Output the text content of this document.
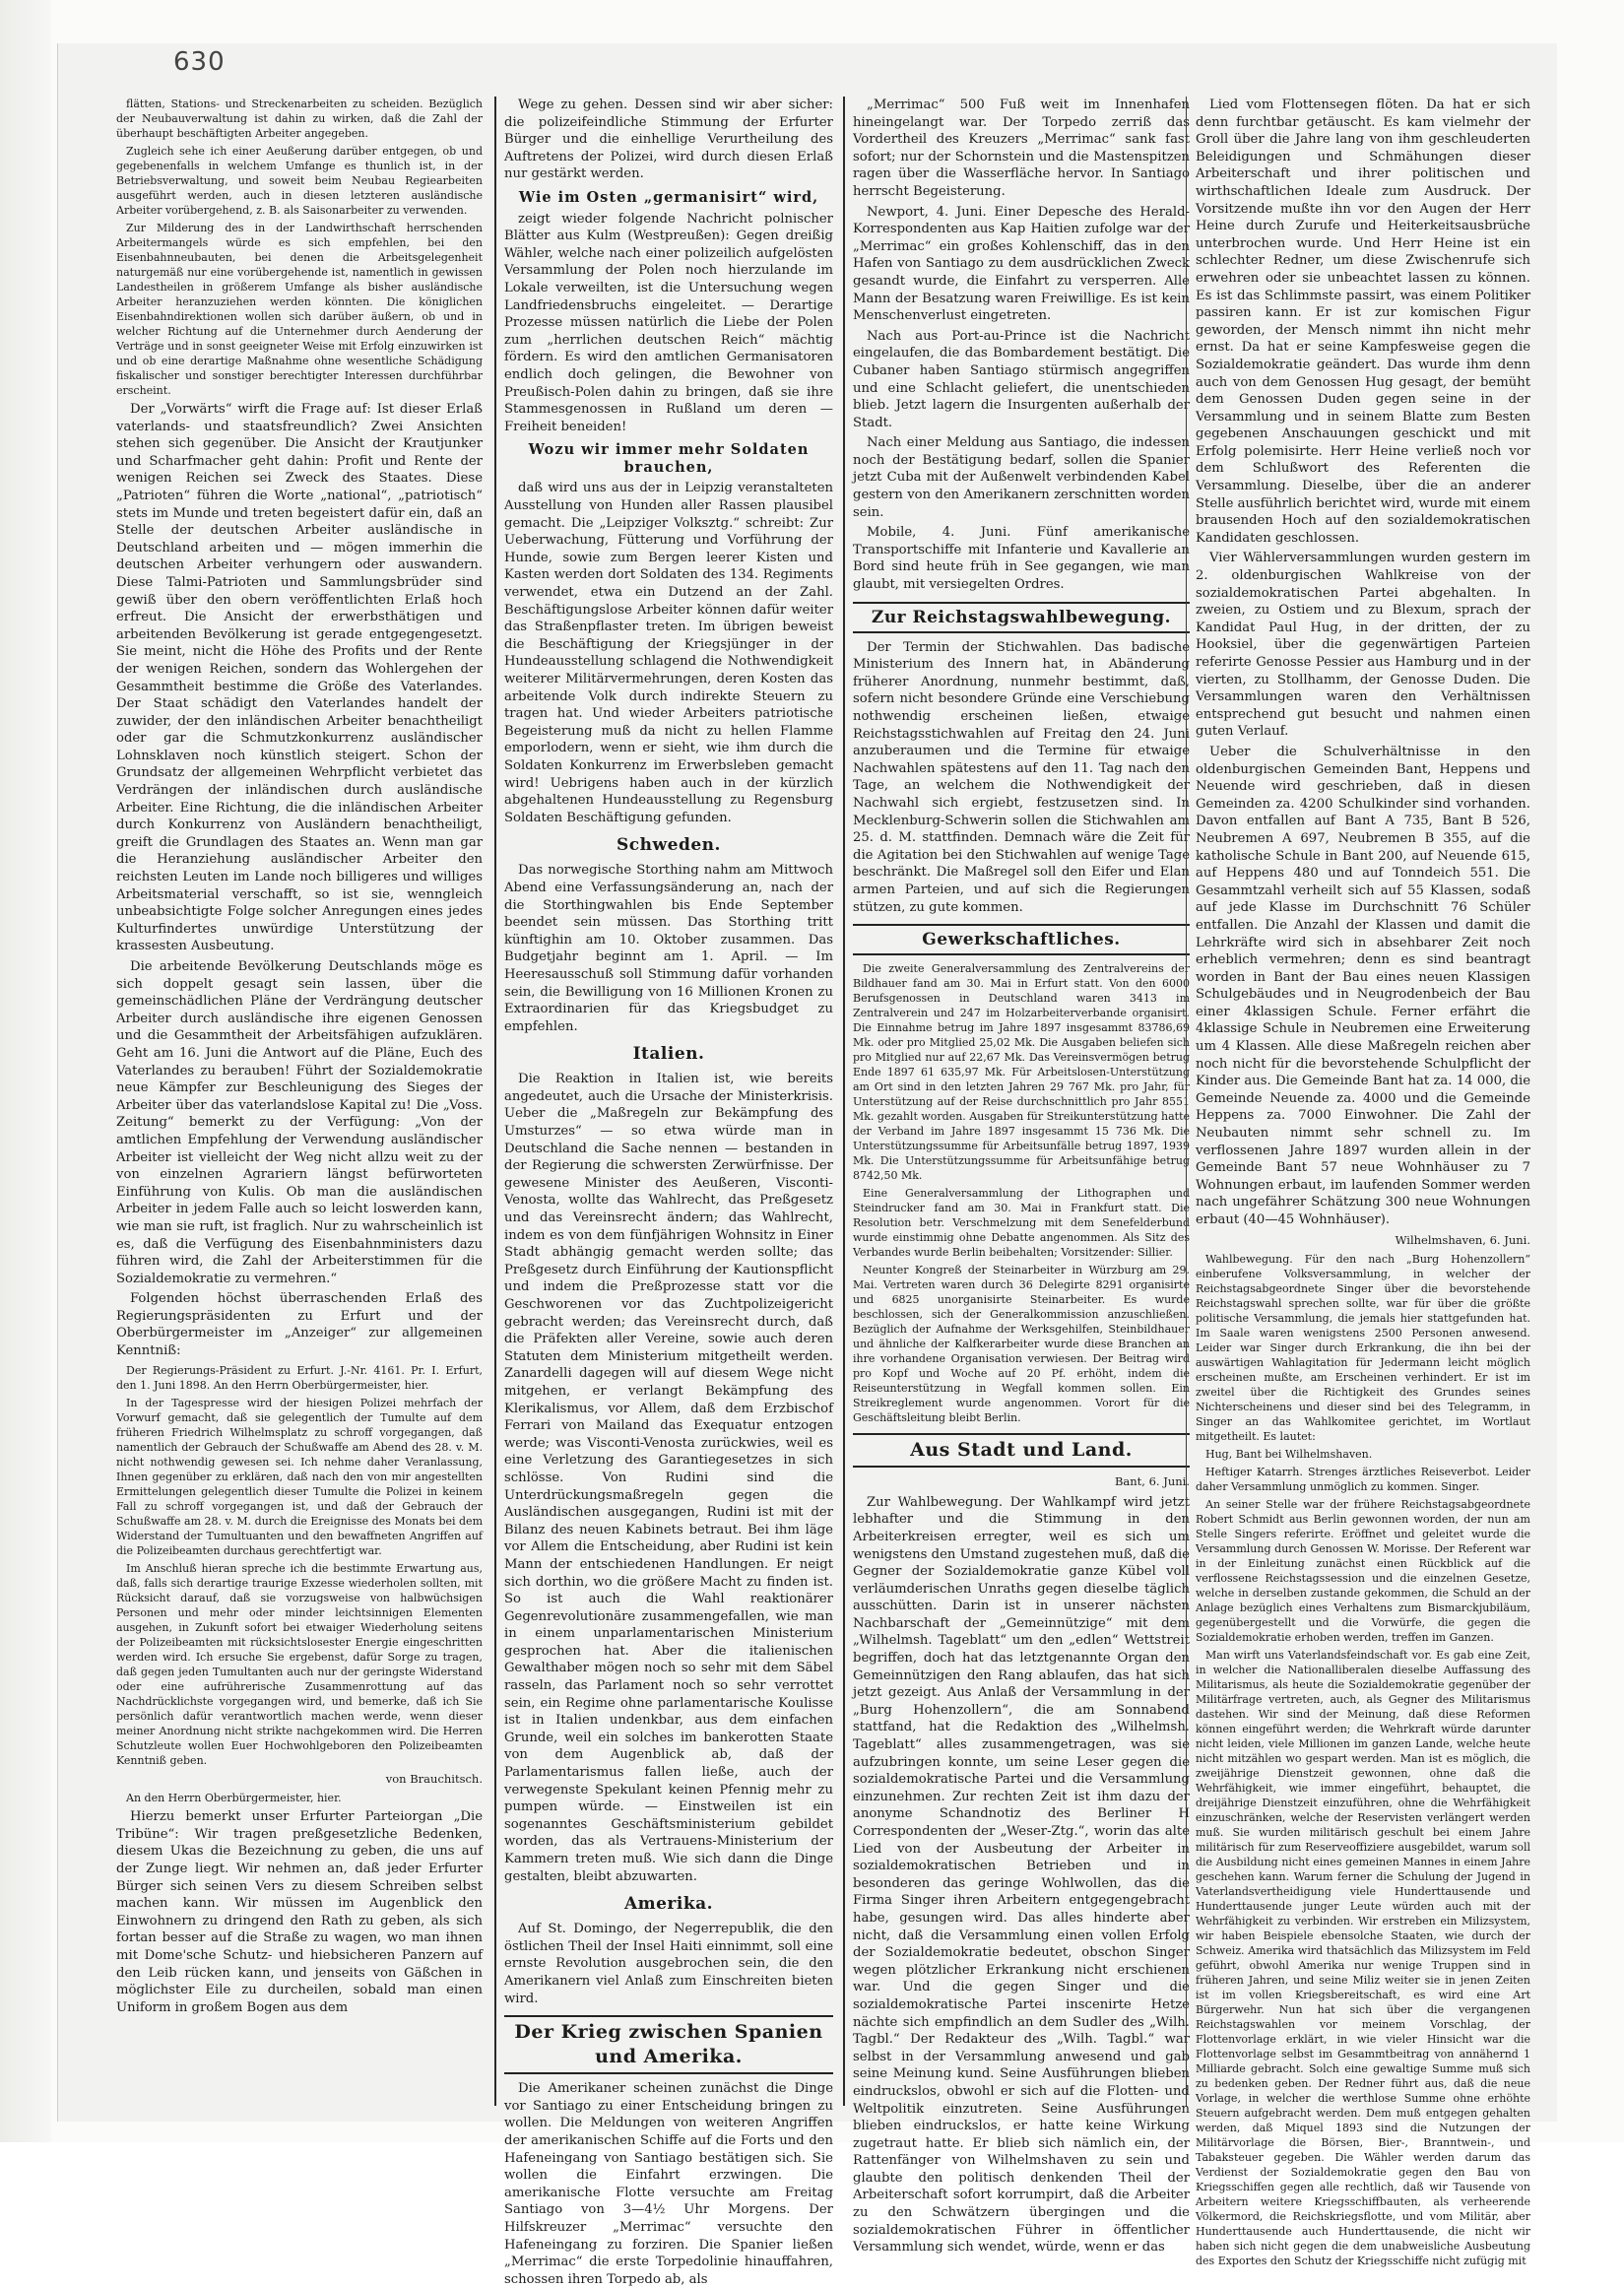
630

flätten, Stations- und Streckenarbeiten zu scheiden. Bezüglich der Neubauverwaltung ist dahin zu wirken, daß die Zahl der überhaupt beschäftigten Arbeiter angegeben.

Zugleich sehe ich einer Aeußerung darüber entgegen, ob und gegebenenfalls in welchem Umfange es thunlich ist, in der Betriebsverwaltung, und soweit beim Neubau Regiearbeiten ausgeführt werden, auch in diesen letzteren ausländische Arbeiter vorübergehend, z. B. als Saisonarbeiter zu verwenden.

Zur Milderung des in der Landwirthschaft herrschenden Arbeitermangels würde es sich empfehlen, bei den Eisenbahnneubauten, bei denen die Arbeitsgelegenheit naturgemäß nur eine vorübergehende ist, namentlich in gewissen Landestheilen in größerem Umfange als bisher ausländische Arbeiter heranzuziehen werden könnten. Die königlichen Eisenbahndirektionen wollen sich darüber äußern, ob und in welcher Richtung auf die Unternehmer durch Aenderung der Verträge und in sonst geeigneter Weise mit Erfolg einzuwirken ist und ob eine derartige Maßnahme ohne wesentliche Schädigung fiskalischer und sonstiger berechtigter Interessen durchführbar erscheint.

Der „Vorwärts“ wirft die Frage auf: Ist dieser Erlaß vaterlands- und staatsfreundlich? Zwei Ansichten stehen sich gegenüber. Die Ansicht der Krautjunker und Scharfmacher geht dahin: Profit und Rente der wenigen Reichen sei Zweck des Staates. Diese „Patrioten“ führen die Worte „national“, „patriotisch“ stets im Munde und treten begeistert dafür ein, daß an Stelle der deutschen Arbeiter ausländische in Deutschland arbeiten und — mögen immerhin die deutschen Arbeiter verhungern oder auswandern. Diese Talmi-Patrioten und Sammlungsbrüder sind gewiß über den obern veröffentlichten Erlaß hoch erfreut. Die Ansicht der erwerbsthätigen und arbeitenden Bevölkerung ist gerade entgegengesetzt. Sie meint, nicht die Höhe des Profits und der Rente der wenigen Reichen, sondern das Wohlergehen der Gesammtheit bestimme die Größe des Vaterlandes. Der Staat schädigt den Vaterlandes handelt der zuwider, der den inländischen Arbeiter benachtheiligt oder gar die Schmutzkonkurrenz ausländischer Lohnsklaven noch künstlich steigert. Schon der Grundsatz der allgemeinen Wehrpflicht verbietet das Verdrängen der inländischen durch ausländische Arbeiter. Eine Richtung, die die inländischen Arbeiter durch Konkurrenz von Ausländern benachtheiligt, greift die Grundlagen des Staates an. Wenn man gar die Heranziehung ausländischer Arbeiter den reichsten Leuten im Lande noch billigeres und williges Arbeitsmaterial verschafft, so ist sie, wenngleich unbeabsichtigte Folge solcher Anregungen eines jedes Kulturfindertes unwürdige Unterstützung der krassesten Ausbeutung.

Die arbeitende Bevölkerung Deutschlands möge es sich doppelt gesagt sein lassen, über die gemeinschädlichen Pläne der Verdrängung deutscher Arbeiter durch ausländische ihre eigenen Genossen und die Gesammtheit der Arbeitsfähigen aufzuklären. Geht am 16. Juni die Antwort auf die Pläne, Euch des Vaterlandes zu berauben! Führt der Sozialdemokratie neue Kämpfer zur Beschleunigung des Sieges der Arbeiter über das vaterlandslose Kapital zu! Die „Voss. Zeitung“ bemerkt zu der Verfügung: „Von der amtlichen Empfehlung der Verwendung ausländischer Arbeiter ist vielleicht der Weg nicht allzu weit zu der von einzelnen Agrariern längst befürworteten Einführung von Kulis. Ob man die ausländischen Arbeiter in jedem Falle auch so leicht loswerden kann, wie man sie ruft, ist fraglich. Nur zu wahrscheinlich ist es, daß die Verfügung des Eisenbahnministers dazu führen wird, die Zahl der Arbeiterstimmen für die Sozialdemokratie zu vermehren.“

Folgenden höchst überraschenden Erlaß des Regierungspräsidenten zu Erfurt und der Oberbürgermeister im „Anzeiger“ zur allgemeinen Kenntniß:

Der Regierungs-Präsident zu Erfurt. J.-Nr. 4161. Pr. I. Erfurt, den 1. Juni 1898. An den Herrn Oberbürgermeister, hier.

In der Tagespresse wird der hiesigen Polizei mehrfach der Vorwurf gemacht, daß sie gelegentlich der Tumulte auf dem früheren Friedrich Wilhelmsplatz zu schroff vorgegangen, daß namentlich der Gebrauch der Schußwaffe am Abend des 28. v. M. nicht nothwendig gewesen sei. Ich nehme daher Veranlassung, Ihnen gegenüber zu erklären, daß nach den von mir angestellten Ermittelungen gelegentlich dieser Tumulte die Polizei in keinem Fall zu schroff vorgegangen ist, und daß der Gebrauch der Schußwaffe am 28. v. M. durch die Ereignisse des Monats bei dem Widerstand der Tumultuanten und den bewaffneten Angriffen auf die Polizeibeamten durchaus gerechtfertigt war.

Im Anschluß hieran spreche ich die bestimmte Erwartung aus, daß, falls sich derartige traurige Exzesse wiederholen sollten, mit Rücksicht darauf, daß sie vorzugsweise von halbwüchsigen Personen und mehr oder minder leichtsinnigen Elementen ausgehen, in Zukunft sofort bei etwaiger Wiederholung seitens der Polizeibeamten mit rücksichtslosester Energie eingeschritten werden wird. Ich ersuche Sie ergebenst, dafür Sorge zu tragen, daß gegen jeden Tumultanten auch nur der geringste Widerstand oder eine aufrührerische Zusammenrottung auf das Nachdrücklichste vorgegangen wird, und bemerke, daß ich Sie persönlich dafür verantwortlich machen werde, wenn dieser meiner Anordnung nicht strikte nachgekommen wird. Die Herren Schutzleute wollen Euer Hochwohlgeboren den Polizeibeamten Kenntniß geben.

von Brauchitsch.

An den Herrn Oberbürgermeister, hier.

Hierzu bemerkt unser Erfurter Parteiorgan „Die Tribüne“: Wir tragen preßgesetzliche Bedenken, diesem Ukas die Bezeichnung zu geben, die uns auf der Zunge liegt. Wir nehmen an, daß jeder Erfurter Bürger sich seinen Vers zu diesem Schreiben selbst machen kann. Wir müssen im Augenblick den Einwohnern zu dringend den Rath zu geben, als sich fortan besser auf die Straße zu wagen, wo man ihnen mit Dome'sche Schutz- und hiebsicheren Panzern auf den Leib rücken kann, und jenseits von Gäßchen in möglichster Eile zu durcheilen, sobald man einen Uniform in großem Bogen aus dem

Wege zu gehen. Dessen sind wir aber sicher: die polizeifeindliche Stimmung der Erfurter Bürger und die einhellige Verurtheilung des Auftretens der Polizei, wird durch diesen Erlaß nur gestärkt werden.

Wie im Osten „germanisirt“ wird,

zeigt wieder folgende Nachricht polnischer Blätter aus Kulm (Westpreußen): Gegen dreißig Wähler, welche nach einer polizeilich aufgelösten Versammlung der Polen noch hierzulande im Lokale verweilten, ist die Untersuchung wegen Landfriedensbruchs eingeleitet. — Derartige Prozesse müssen natürlich die Liebe der Polen zum „herrlichen deutschen Reich“ mächtig fördern. Es wird den amtlichen Germanisatoren endlich doch gelingen, die Bewohner von Preußisch-Polen dahin zu bringen, daß sie ihre Stammesgenossen in Rußland um deren — Freiheit beneiden!

Wozu wir immer mehr Soldaten brauchen,

daß wird uns aus der in Leipzig veranstalteten Ausstellung von Hunden aller Rassen plausibel gemacht. Die „Leipziger Volksztg.“ schreibt: Zur Ueberwachung, Fütterung und Vorführung der Hunde, sowie zum Bergen leerer Kisten und Kasten werden dort Soldaten des 134. Regiments verwendet, etwa ein Dutzend an der Zahl. Beschäftigungslose Arbeiter können dafür weiter das Straßenpflaster treten. Im übrigen beweist die Beschäftigung der Kriegsjünger in der Hundeausstellung schlagend die Nothwendigkeit weiterer Militärvermehrungen, deren Kosten das arbeitende Volk durch indirekte Steuern zu tragen hat. Und wieder Arbeiters patriotische Begeisterung muß da nicht zu hellen Flamme emporlodern, wenn er sieht, wie ihm durch die Soldaten Konkurrenz im Erwerbsleben gemacht wird! Uebrigens haben auch in der kürzlich abgehaltenen Hundeausstellung zu Regensburg Soldaten Beschäftigung gefunden.

Schweden.

Das norwegische Storthing nahm am Mittwoch Abend eine Verfassungsänderung an, nach der die Storthingwahlen bis Ende September beendet sein müssen. Das Storthing tritt künftighin am 10. Oktober zusammen. Das Budgetjahr beginnt am 1. April. — Im Heeresausschuß soll Stimmung dafür vorhanden sein, die Bewilligung von 16 Millionen Kronen zu Extraordinarien für das Kriegsbudget zu empfehlen.

Italien.

Die Reaktion in Italien ist, wie bereits angedeutet, auch die Ursache der Ministerkrisis. Ueber die „Maßregeln zur Bekämpfung des Umsturzes“ — so etwa würde man in Deutschland die Sache nennen — bestanden in der Regierung die schwersten Zerwürfnisse. Der gewesene Minister des Aeußeren, Visconti-Venosta, wollte das Wahlrecht, das Preßgesetz und das Vereinsrecht ändern; das Wahlrecht, indem es von dem fünfjährigen Wohnsitz in Einer Stadt abhängig gemacht werden sollte; das Preßgesetz durch Einführung der Kautionspflicht und indem die Preßprozesse statt vor die Geschworenen vor das Zuchtpolizeigericht gebracht werden; das Vereinsrecht durch, daß die Präfekten aller Vereine, sowie auch deren Statuten dem Ministerium mitgetheilt werden. Zanardelli dagegen will auf diesem Wege nicht mitgehen, er verlangt Bekämpfung des Klerikalismus, vor Allem, daß dem Erzbischof Ferrari von Mailand das Exequatur entzogen werde; was Visconti-Venosta zurückwies, weil es eine Verletzung des Garantiegesetzes in sich schlösse. Von Rudini sind die Unterdrückungsmaßregeln gegen die Ausländischen ausgegangen, Rudini ist mit der Bilanz des neuen Kabinets betraut. Bei ihm läge vor Allem die Entscheidung, aber Rudini ist kein Mann der entschiedenen Handlungen. Er neigt sich dorthin, wo die größere Macht zu finden ist. So ist auch die Wahl reaktionärer Gegenrevolutionäre zusammengefallen, wie man in einem unparlamentarischen Ministerium gesprochen hat. Aber die italienischen Gewalthaber mögen noch so sehr mit dem Säbel rasseln, das Parlament noch so sehr verrottet sein, ein Regime ohne parlamentarische Koulisse ist in Italien undenkbar, aus dem einfachen Grunde, weil ein solches im bankerotten Staate von dem Augenblick ab, daß der Parlamentarismus fallen ließe, auch der verwegenste Spekulant keinen Pfennig mehr zu pumpen würde. — Einstweilen ist ein sogenanntes Geschäftsministerium gebildet worden, das als Vertrauens-Ministerium der Kammern treten muß. Wie sich dann die Dinge gestalten, bleibt abzuwarten.

Amerika.

Auf St. Domingo, der Negerrepublik, die den östlichen Theil der Insel Haiti einnimmt, soll eine ernste Revolution ausgebrochen sein, die den Amerikanern viel Anlaß zum Einschreiten bieten wird.

Der Krieg zwischen Spanien und Amerika.

Die Amerikaner scheinen zunächst die Dinge vor Santiago zu einer Entscheidung bringen zu wollen. Die Meldungen von weiteren Angriffen der amerikanischen Schiffe auf die Forts und den Hafeneingang von Santiago bestätigen sich. Sie wollen die Einfahrt erzwingen. Die amerikanische Flotte versuchte am Freitag Santiago von 3—4½ Uhr Morgens. Der Hilfskreuzer „Merrimac“ versuchte den Hafeneingang zu forziren. Die Spanier ließen „Merrimac“ die erste Torpedolinie hinauffahren, schossen ihren Torpedo ab, als

„Merrimac“ 500 Fuß weit im Innenhafen hineingelangt war. Der Torpedo zerriß das Vordertheil des Kreuzers „Merrimac“ sank fast sofort; nur der Schornstein und die Mastenspitzen ragen über die Wasserfläche hervor. In Santiago herrscht Begeisterung.

Newport, 4. Juni. Einer Depesche des Herald-Korrespondenten aus Kap Haitien zufolge war der „Merrimac“ ein großes Kohlenschiff, das in den Hafen von Santiago zu dem ausdrücklichen Zweck gesandt wurde, die Einfahrt zu versperren. Alle Mann der Besatzung waren Freiwillige. Es ist kein Menschenverlust eingetreten.

Nach aus Port-au-Prince ist die Nachricht eingelaufen, die das Bombardement bestätigt. Die Cubaner haben Santiago stürmisch angegriffen und eine Schlacht geliefert, die unentschieden blieb. Jetzt lagern die Insurgenten außerhalb der Stadt.

Nach einer Meldung aus Santiago, die indessen noch der Bestätigung bedarf, sollen die Spanier jetzt Cuba mit der Außenwelt verbindenden Kabel gestern von den Amerikanern zerschnitten worden sein.

Mobile, 4. Juni. Fünf amerikanische Transportschiffe mit Infanterie und Kavallerie an Bord sind heute früh in See gegangen, wie man glaubt, mit versiegelten Ordres.

Zur Reichstagswahlbewegung.

Der Termin der Stichwahlen. Das badische Ministerium des Innern hat, in Abänderung früherer Anordnung, nunmehr bestimmt, daß, sofern nicht besondere Gründe eine Verschiebung nothwendig erscheinen ließen, etwaige Reichstagsstichwahlen auf Freitag den 24. Juni anzuberaumen und die Termine für etwaige Nachwahlen spätestens auf den 11. Tag nach den Tage, an welchem die Nothwendigkeit der Nachwahl sich ergiebt, festzusetzen sind. In Mecklenburg-Schwerin sollen die Stichwahlen am 25. d. M. stattfinden. Demnach wäre die Zeit für die Agitation bei den Stichwahlen auf wenige Tage beschränkt. Die Maßregel soll den Eifer und Elan armen Parteien, und auf sich die Regierungen stützen, zu gute kommen.

Gewerkschaftliches.

Die zweite Generalversammlung des Zentralvereins der Bildhauer fand am 30. Mai in Erfurt statt. Von den 6000 Berufsgenossen in Deutschland waren 3413 im Zentralverein und 247 im Holzarbeiterverbande organisirt. Die Einnahme betrug im Jahre 1897 insgesammt 83786,69 Mk. oder pro Mitglied 25,02 Mk. Die Ausgaben beliefen sich pro Mitglied nur auf 22,67 Mk. Das Vereinsvermögen betrug Ende 1897 61 635,97 Mk. Für Arbeitslosen-Unterstützung am Ort sind in den letzten Jahren 29 767 Mk. pro Jahr, für Unterstützung auf der Reise durchschnittlich pro Jahr 8551 Mk. gezahlt worden. Ausgaben für Streikunterstützung hatte der Verband im Jahre 1897 insgesammt 15 736 Mk. Die Unterstützungssumme für Arbeitsunfälle betrug 1897, 1939 Mk. Die Unterstützungssumme für Arbeitsunfähige betrug 8742,50 Mk.

Eine Generalversammlung der Lithographen und Steindrucker fand am 30. Mai in Frankfurt statt. Die Resolution betr. Verschmelzung mit dem Senefelderbund wurde einstimmig ohne Debatte angenommen. Als Sitz des Verbandes wurde Berlin beibehalten; Vorsitzender: Sillier.

Neunter Kongreß der Steinarbeiter in Würzburg am 29. Mai. Vertreten waren durch 36 Delegirte 8291 organisirte und 6825 unorganisirte Steinarbeiter. Es wurde beschlossen, sich der Generalkommission anzuschließen. Bezüglich der Aufnahme der Werksgehilfen, Steinbildhauer und ähnliche der Kalfkerarbeiter wurde diese Branchen an ihre vorhandene Organisation verwiesen. Der Beitrag wird pro Kopf und Woche auf 20 Pf. erhöht, indem die Reiseunterstützung in Wegfall kommen sollen. Ein Streikreglement wurde angenommen. Vorort für die Geschäftsleitung bleibt Berlin.

Aus Stadt und Land.

Bant, 6. Juni.

Zur Wahlbewegung. Der Wahlkampf wird jetzt lebhafter und die Stimmung in den Arbeiterkreisen erregter, weil es sich um wenigstens den Umstand zugestehen muß, daß die Gegner der Sozialdemokratie ganze Kübel voll verläumderischen Unraths gegen dieselbe täglich ausschütten. Darin ist in unserer nächsten Nachbarschaft der „Gemeinnützige“ mit dem „Wilhelmsh. Tageblatt“ um den „edlen“ Wettstreit begriffen, doch hat das letztgenannte Organ den Gemeinnützigen den Rang ablaufen, das hat sich jetzt gezeigt. Aus Anlaß der Versammlung in der „Burg Hohenzollern“, die am Sonnabend stattfand, hat die Redaktion des „Wilhelmsh. Tageblatt“ alles zusammengetragen, was sie aufzubringen konnte, um seine Leser gegen die sozialdemokratische Partei und die Versammlung einzunehmen. Zur rechten Zeit ist ihm dazu der anonyme Schandnotiz des Berliner H Correspondenten der „Weser-Ztg.“, worin das alte Lied von der Ausbeutung der Arbeiter in sozialdemokratischen Betrieben und in besonderen das geringe Wohlwollen, das die Firma Singer ihren Arbeitern entgegengebracht habe, gesungen wird. Das alles hinderte aber nicht, daß die Versammlung einen vollen Erfolg der Sozialdemokratie bedeutet, obschon Singer wegen plötzlicher Erkrankung nicht erschienen war. Und die gegen Singer und die sozialdemokratische Partei inscenirte Hetze nächte sich empfindlich an dem Sudler des „Wilh. Tagbl.“ Der Redakteur des „Wilh. Tagbl.“ war selbst in der Versammlung anwesend und gab seine Meinung kund. Seine Ausführungen blieben eindruckslos, obwohl er sich auf die Flotten- und Weltpolitik einzutreten. Seine Ausführungen blieben eindruckslos, er hatte keine Wirkung zugetraut hatte. Er blieb sich nämlich ein, der Rattenfänger von Wilhelmshaven zu sein und glaubte den politisch denkenden Theil der Arbeiterschaft sofort korrumpirt, daß die Arbeiter zu den Schwätzern übergingen und die sozialdemokratischen Führer in öffentlicher Versammlung sich wendet, würde, wenn er das

Lied vom Flottensegen flöten. Da hat er sich denn furchtbar getäuscht. Es kam vielmehr der Groll über die Jahre lang von ihm geschleuderten Beleidigungen und Schmähungen dieser Arbeiterschaft und ihrer politischen und wirthschaftlichen Ideale zum Ausdruck. Der Vorsitzende mußte ihn vor den Augen der Herr Heine durch Zurufe und Heiterkeitsausbrüche unterbrochen wurde. Und Herr Heine ist ein schlechter Redner, um diese Zwischenrufe sich erwehren oder sie unbeachtet lassen zu können. Es ist das Schlimmste passirt, was einem Politiker passiren kann. Er ist zur komischen Figur geworden, der Mensch nimmt ihn nicht mehr ernst. Da hat er seine Kampfesweise gegen die Sozialdemokratie geändert. Das wurde ihm denn auch von dem Genossen Hug gesagt, der bemüht dem Genossen Duden gegen seine in der Versammlung und in seinem Blatte zum Besten gegebenen Anschauungen geschickt und mit Erfolg polemisirte. Herr Heine verließ noch vor dem Schlußwort des Referenten die Versammlung. Dieselbe, über die an anderer Stelle ausführlich berichtet wird, wurde mit einem brausenden Hoch auf den sozialdemokratischen Kandidaten geschlossen.

Vier Wählerversammlungen wurden gestern im 2. oldenburgischen Wahlkreise von der sozialdemokratischen Partei abgehalten. In zweien, zu Ostiem und zu Blexum, sprach der Kandidat Paul Hug, in der dritten, der zu Hooksiel, über die gegenwärtigen Parteien referirte Genosse Pessier aus Hamburg und in der vierten, zu Stollhamm, der Genosse Duden. Die Versammlungen waren den Verhältnissen entsprechend gut besucht und nahmen einen guten Verlauf.

Ueber die Schulverhältnisse in den oldenburgischen Gemeinden Bant, Heppens und Neuende wird geschrieben, daß in diesen Gemeinden za. 4200 Schulkinder sind vorhanden. Davon entfallen auf Bant A 735, Bant B 526, Neubremen A 697, Neubremen B 355, auf die katholische Schule in Bant 200, auf Neuende 615, auf Heppens 480 und auf Tonndeich 551. Die Gesammtzahl verheilt sich auf 55 Klassen, sodaß auf jede Klasse im Durchschnitt 76 Schüler entfallen. Die Anzahl der Klassen und damit die Lehrkräfte wird sich in absehbarer Zeit noch erheblich vermehren; denn es sind beantragt worden in Bant der Bau eines neuen Klassigen Schulgebäudes und in Neugrodenbeich der Bau einer 4klassigen Schule. Ferner erfährt die 4klassige Schule in Neubremen eine Erweiterung um 4 Klassen. Alle diese Maßregeln reichen aber noch nicht für die bevorstehende Schulpflicht der Kinder aus. Die Gemeinde Bant hat za. 14 000, die Gemeinde Neuende za. 4000 und die Gemeinde Heppens za. 7000 Einwohner. Die Zahl der Neubauten nimmt sehr schnell zu. Im verflossenen Jahre 1897 wurden allein in der Gemeinde Bant 57 neue Wohnhäuser zu 7 Wohnungen erbaut, im laufenden Sommer werden nach ungefährer Schätzung 300 neue Wohnungen erbaut (40—45 Wohnhäuser).

Wilhelmshaven, 6. Juni.

Wahlbewegung. Für den nach „Burg Hohenzollern“ einberufene Volksversammlung, in welcher der Reichstagsabgeordnete Singer über die bevorstehende Reichstagswahl sprechen sollte, war für über die größte politische Versammlung, die jemals hier stattgefunden hat. Im Saale waren wenigstens 2500 Personen anwesend. Leider war Singer durch Erkrankung, die ihn bei der auswärtigen Wahlagitation für Jedermann leicht möglich erscheinen mußte, am Erscheinen verhindert. Er ist im zweitel über die Richtigkeit des Grundes seines Nichterscheinens und dieser sind bei des Telegramm, in Singer an das Wahlkomitee gerichtet, im Wortlaut mitgetheilt. Es lautet:

Hug, Bant bei Wilhelmshaven.

Heftiger Katarrh. Strenges ärztliches Reiseverbot. Leider daher Versammlung unmöglich zu kommen. Singer.

An seiner Stelle war der frühere Reichstagsabgeordnete Robert Schmidt aus Berlin gewonnen worden, der nun am Stelle Singers referirte. Eröffnet und geleitet wurde die Versammlung durch Genossen W. Morisse. Der Referent war in der Einleitung zunächst einen Rückblick auf die verflossene Reichstagssession und die einzelnen Gesetze, welche in derselben zustande gekommen, die Schuld an der Anlage bezüglich eines Verhaltens zum Bismarckjubiläum, gegenübergestellt und die Vorwürfe, die gegen die Sozialdemokratie erhoben werden, treffen im Ganzen.

Man wirft uns Vaterlandsfeindschaft vor. Es gab eine Zeit, in welcher die Nationalliberalen dieselbe Auffassung des Militarismus, als heute die Sozialdemokratie gegenüber der Militärfrage vertreten, auch, als Gegner des Militarismus dastehen. Wir sind der Meinung, daß diese Reformen können eingeführt werden; die Wehrkraft würde darunter nicht leiden, viele Millionen im ganzen Lande, welche heute nicht mitzählen wo gespart werden. Man ist es möglich, die zweijährige Dienstzeit gewonnen, ohne daß die Wehrfähigkeit, wie immer eingeführt, behauptet, die dreijährige Dienstzeit einzuführen, ohne die Wehrfähigkeit einzuschränken, welche der Reservisten verlängert werden muß. Sie wurden militärisch geschult bei einem Jahre militärisch für zum Reserveoffiziere ausgebildet, warum soll die Ausbildung nicht eines gemeinen Mannes in einem Jahre geschehen kann. Warum ferner die Schulung der Jugend in Vaterlandsvertheidigung viele Hunderttausende und Hunderttausende junger Leute würden auch mit der Wehrfähigkeit zu verbinden. Wir erstreben ein Milizsystem, wir haben Beispiele ebensolche Staaten, wie durch der Schweiz. Amerika wird thatsächlich das Milizsystem im Feld geführt, obwohl Amerika nur wenige Truppen sind in früheren Jahren, und seine Miliz weiter sie in jenen Zeiten ist im vollen Kriegsbereitschaft, es wird eine Art Bürgerwehr. Nun hat sich über die vergangenen Reichstagswahlen vor meinem Vorschlag, der Flottenvorlage erklärt, in wie vieler Hinsicht war die Flottenvorlage selbst im Gesammtbeitrag von annähernd 1 Milliarde gebracht. Solch eine gewaltige Summe muß sich zu bedenken geben. Der Redner führt aus, daß die neue Vorlage, in welcher die werthlose Summe ohne erhöhte Steuern aufgebracht werden. Dem muß entgegen gehalten werden, daß Miquel 1893 sind die Nutzungen der Militärvorlage die Börsen, Bier-, Branntwein-, und Tabaksteuer gegeben. Die Wähler werden darum das Verdienst der Sozialdemokratie gegen den Bau von Kriegsschiffen gegen alle rechtlich, daß wir Tausende von Arbeitern weitere Kriegsschiffbauten, als verheerende Völkermord, die Reichskriegsflotte, und vom Militär, aber Hunderttausende auch Hunderttausende, die nicht wir haben sich nicht gegen die dem unabweisliche Ausbeutung des Exportes den Schutz der Kriegsschiffe nicht zufügig mit
